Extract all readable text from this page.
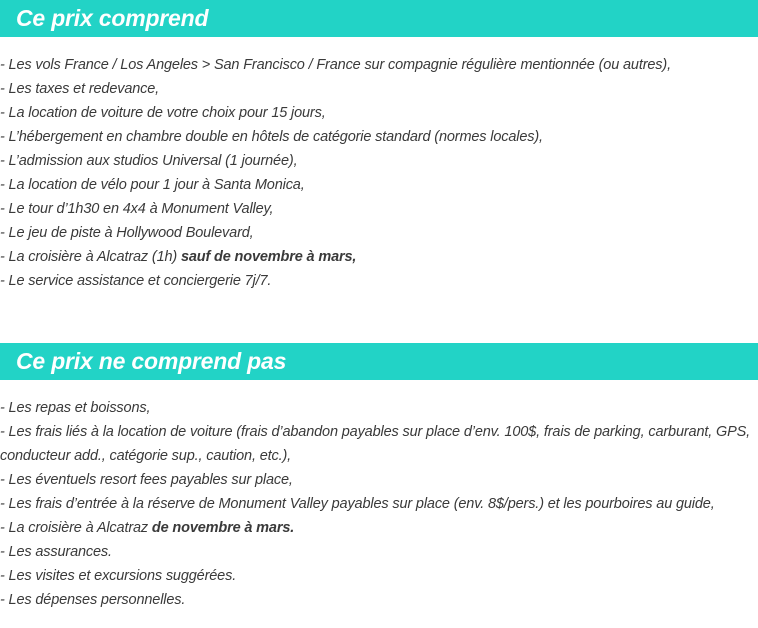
Ce prix comprend
- Les vols France / Los Angeles > San Francisco / France sur compagnie régulière mentionnée (ou autres),
- Les taxes et redevance,
- La location de voiture de votre choix pour 15 jours,
- L’hébergement en chambre double en hôtels de catégorie standard (normes locales),
- L’admission aux studios Universal (1 journée),
- La location de vélo pour 1 jour à Santa Monica,
- Le tour d’1h30 en 4x4 à Monument Valley,
- Le jeu de piste à Hollywood Boulevard,
- La croisière à Alcatraz (1h) sauf de novembre à mars,
- Le service assistance et conciergerie 7j/7.
Ce prix ne comprend pas
- Les repas et boissons,
- Les frais liés à la location de voiture (frais d’abandon payables sur place d’env. 100$, frais de parking, carburant, GPS, conducteur add., catégorie sup., caution, etc.),
- Les éventuels resort fees payables sur place,
- Les frais d’entrée à la réserve de Monument Valley payables sur place (env. 8$/pers.) et les pourboires au guide,
- La croisière à Alcatraz de novembre à mars.
- Les assurances.
- Les visites et excursions suggérées.
- Les dépenses personnelles.
